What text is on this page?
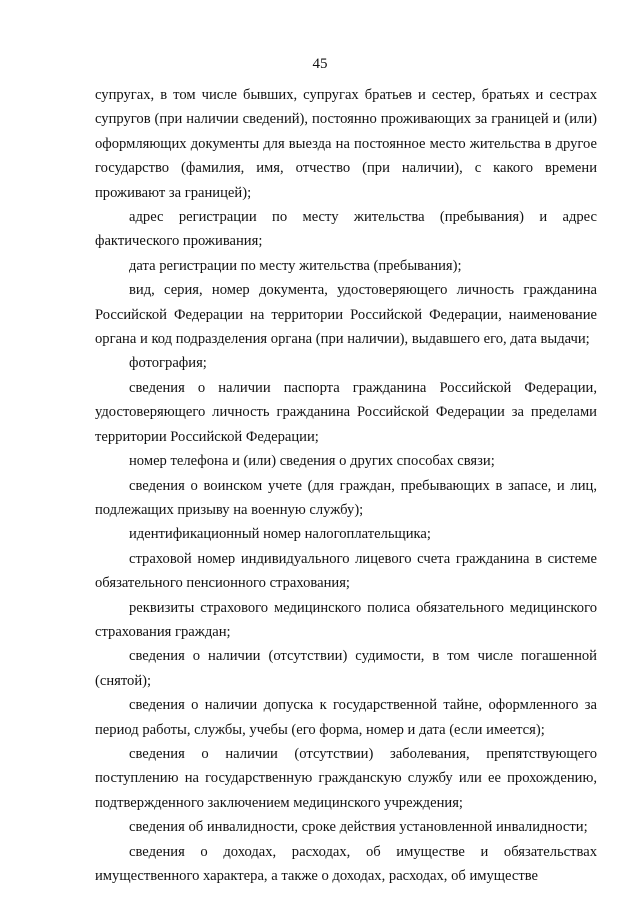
45

супругах, в том числе бывших, супругах братьев и сестер, братьях и сестрах супругов (при наличии сведений), постоянно проживающих за границей и (или) оформляющих документы для выезда на постоянное место жительства в другое государство (фамилия, имя, отчество (при наличии), с какого времени проживают за границей);

адрес регистрации по месту жительства (пребывания) и адрес фактического проживания;

дата регистрации по месту жительства (пребывания);

вид, серия, номер документа, удостоверяющего личность гражданина Российской Федерации на территории Российской Федерации, наименование органа и код подразделения органа (при наличии), выдавшего его, дата выдачи;

фотография;

сведения о наличии паспорта гражданина Российской Федерации, удостоверяющего личность гражданина Российской Федерации за пределами территории Российской Федерации;

номер телефона и (или) сведения о других способах связи;

сведения о воинском учете (для граждан, пребывающих в запасе, и лиц, подлежащих призыву на военную службу);

идентификационный номер налогоплательщика;

страховой номер индивидуального лицевого счета гражданина в системе обязательного пенсионного страхования;

реквизиты страхового медицинского полиса обязательного медицинского страхования граждан;

сведения о наличии (отсутствии) судимости, в том числе погашенной (снятой);

сведения о наличии допуска к государственной тайне, оформленного за период работы, службы, учебы (его форма, номер и дата (если имеется);

сведения о наличии (отсутствии) заболевания, препятствующего поступлению на государственную гражданскую службу или ее прохождению, подтвержденного заключением медицинского учреждения;

сведения об инвалидности, сроке действия установленной инвалидности;

сведения о доходах, расходах, об имуществе и обязательствах имущественного характера, а также о доходах, расходах, об имуществе
